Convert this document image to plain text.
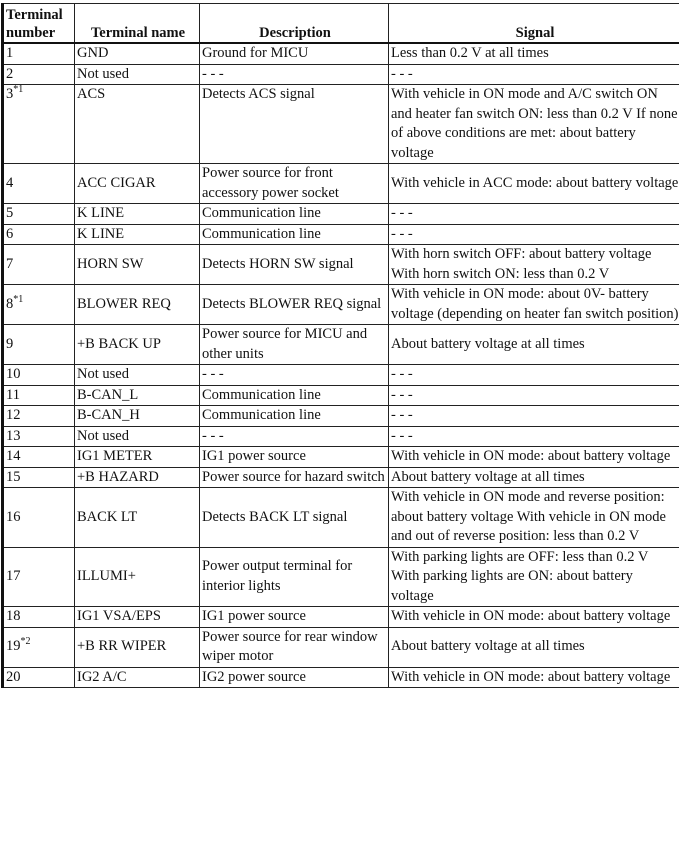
Terminal number	Terminal name	Description	Signal
1	GND	Ground for MICU	Less than 0.2 V at all times
2	Not used	- - -	- - -
3$^{*1}$	ACS	Detects ACS signal	With vehicle in ON mode and A/C switch ON and heater fan switch ON: less than 0.2 V If none of above conditions are met: about battery voltage
4	ACC CIGAR	Power source for front accessory power socket	With vehicle in ACC mode: about battery voltage
5	K LINE	Communication line	- - -
6	K LINE	Communication line	- - -
7	HORN SW	Detects HORN SW signal	With horn switch OFF: about battery voltage With horn switch ON: less than 0.2 V
8$^{*1}$	BLOWER REQ	Detects BLOWER REQ signal	With vehicle in ON mode: about 0V- battery voltage (depending on heater fan switch position)
9	+B BACK UP	Power source for MICU and other units	About battery voltage at all times
10	Not used	- - -	- - -
11	B-CAN_L	Communication line	- - -
12	B-CAN_H	Communication line	- - -
13	Not used	- - -	- - -
14	IG1 METER	IG1 power source	With vehicle in ON mode: about battery voltage
15	+B HAZARD	Power source for hazard switch	About battery voltage at all times
16	BACK LT	Detects BACK LT signal	With vehicle in ON mode and reverse position: about battery voltage With vehicle in ON mode and out of reverse position: less than 0.2 V
17	ILLUMI+	Power output terminal for interior lights	With parking lights are OFF: less than 0.2 V With parking lights are ON: about battery voltage
18	IG1 VSA/EPS	IG1 power source	With vehicle in ON mode: about battery voltage
$19^{*2}$	+B RR WIPER	Power source for rear window wiper motor	About battery voltage at all times
20	IG2 A/C	IG2 power source	With vehicle in ON mode: about battery voltage
